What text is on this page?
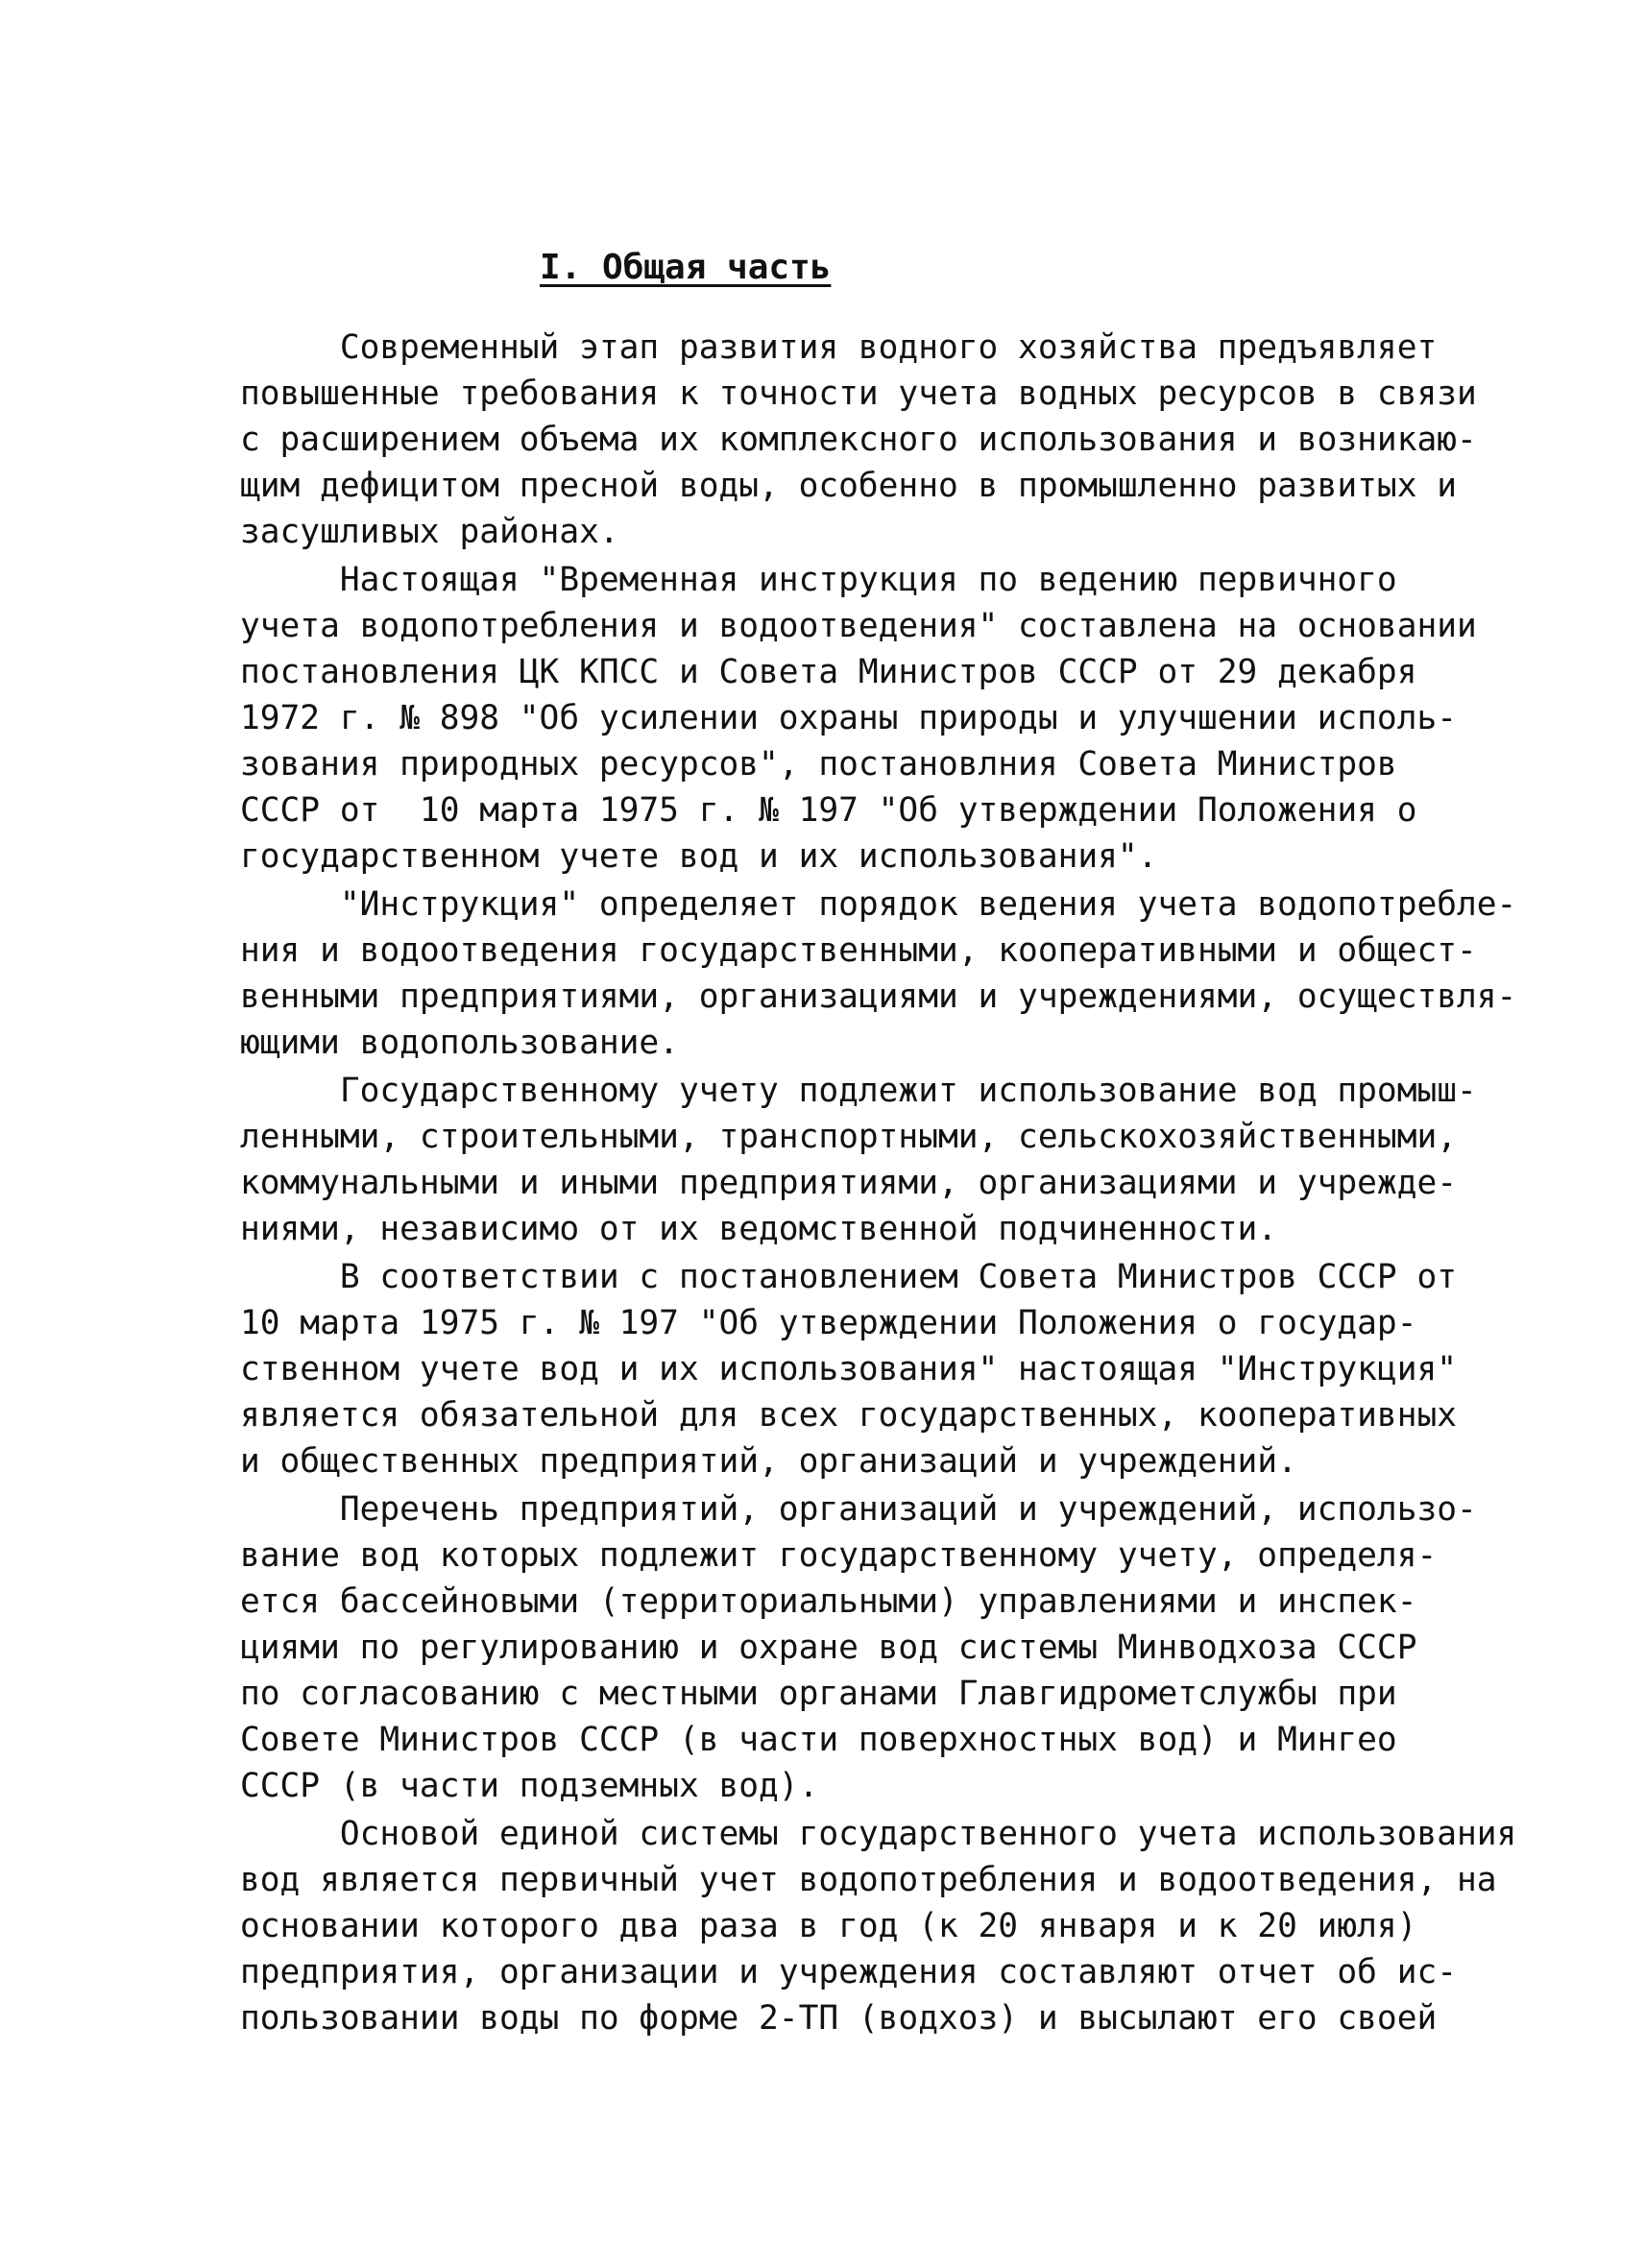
I. Общая часть
Современный этап развития водного хозяйства предъявляет
повышенные требования к точности учета водных ресурсов в связи
с расширением объема их комплексного использования и возникаю-
щим дефицитом пресной воды, особенно в промышленно развитых и
засушливых районах.
Настоящая "Временная инструкция по ведению первичного
учета водопотребления и водоотведения" составлена на основании
постановления ЦК КПСС и Совета Министров СССР от 29 декабря
1972 г. № 898 "Об усилении охраны природы и улучшении исполь-
зования природных ресурсов", постановлния Совета Министров
СССР от  10 марта 1975 г. № 197 "Об утверждении Положения о
государственном учете вод и их использования".
"Инструкция" определяет порядок ведения учета водопотребле-
ния и водоотведения государственными, кооперативными и общест-
венными предприятиями, организациями и учреждениями, осуществля-
ющими водопользование.
Государственному учету подлежит использование вод промыш-
ленными, строительными, транспортными, сельскохозяйственными,
коммунальными и иными предприятиями, организациями и учрежде-
ниями, независимо от их ведомственной подчиненности.
В соответствии с постановлением Совета Министров СССР от
10 марта 1975 г. № 197 "Об утверждении Положения о государ-
ственном учете вод и их использования" настоящая "Инструкция"
является обязательной для всех государственных, кооперативных
и общественных предприятий, организаций и учреждений.
Перечень предприятий, организаций и учреждений, использо-
вание вод которых подлежит государственному учету, определя-
ется бассейновыми (территориальными) управлениями и инспек-
циями по регулированию и охране вод системы Минводхоза СССР
по согласованию с местными органами Главгидрометслужбы при
Совете Министров СССР (в части поверхностных вод) и Мингео
СССР (в части подземных вод).
Основой единой системы государственного учета использования
вод является первичный учет водопотребления и водоотведения, на
основании которого два раза в год (к 20 января и к 20 июля)
предприятия, организации и учреждения составляют отчет об ис-
пользовании воды по форме 2-ТП (водхоз) и высылают его своей
